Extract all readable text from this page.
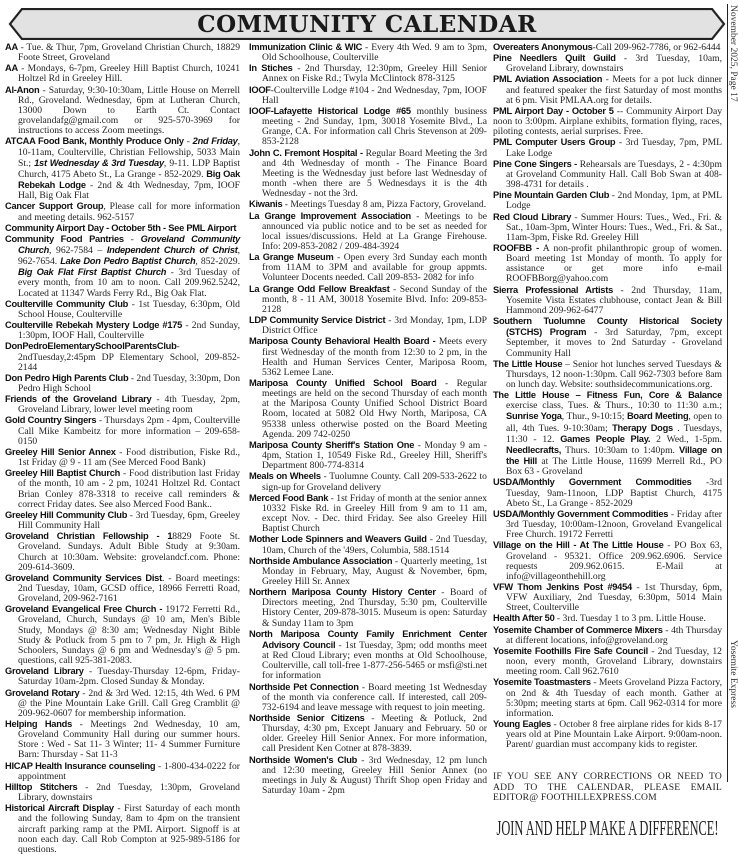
COMMUNITY CALENDAR

AA - Tue. & Thur, 7pm, Groveland Christian Church, 18829 Foote Street, Groveland

AA - Mondays, 6-7pm, Greeley Hill Baptist Church, 10241 Holtzel Rd in Greeley Hill.

Al-Anon - Saturday, 9:30-10:30am, Little House on Merrell Rd., Groveland. Wednesday, 6pm at Lutheran Church, 13000 Down to Earth Ct. Contact grovelandafg@gmail.com or 925-570-3969 for instructions to access Zoom meetings.

ATCAA Food Bank, Monthly Produce Only - 2nd Friday, 10-11am, Coulterville, Christian Fellowship, 5033 Main St.; 1st Wednesday & 3rd Tuesday, 9-11. LDP Baptist Church, 4175 Abeto St., La Grange - 852-2029. Big Oak Rebekah Lodge - 2nd & 4th Wednesday, 7pm, IOOF Hall, Big Oak Flat

Cancer Support Group, Please call for more information and meeting details. 962-5157

Community Airport Day - October 5th - See PML Airport

Community Food Pantries - Groveland Community Church, 962-7584 – Independent Church of Christ, 962-7654. Lake Don Pedro Baptist Church, 852-2029. Big Oak Flat First Baptist Church - 3rd Tuesday of every month, from 10 am to noon. Call 209.962.5242, Located at 11347 Wards Ferry Rd., Big Oak Flat.

Coulterville Community Club - 1st Tuesday, 6:30pm, Old School House, Coulterville

Coulterville Rebekah Mystery Lodge #175 - 2nd Sunday, 1:30pm, IOOF Hall, Coulterville

DonPedroElementarySchoolParentsClub-2ndTuesday,2:45pm DP Elementary School, 209-852-2144

Don Pedro High Parents Club - 2nd Tuesday, 3:30pm, Don Pedro High School

Friends of the Groveland Library - 4th Tuesday, 2pm, Groveland Library, lower level meeting room

Gold Country Singers - Thursdays 2pm - 4pm, Coulterville Call Mike Kambeitz for more information – 209-658-0150

Greeley Hill Senior Annex - Food distribution, Fiske Rd., 1st Friday @ 9 - 11 am (See Merced Food Bank)

Greeley Hill Baptist Church - Food distribution last Friday of the month, 10 am - 2 pm, 10241 Holtzel Rd. Contact Brian Conley 878-3318 to receive call reminders & correct Friday dates. See also Merced Food Bank..

Greeley Hill Community Club - 3rd Tuesday, 6pm, Greeley Hill Community Hall

Groveland Christian Fellowship - 18829 Foote St. Groveland. Sundays. Adult Bible Study at 9:30am. Church at 10:30am. Website: grovelandcf.com. Phone: 209-614-3609.

Groveland Community Services Dist. - Board meetings: 2nd Tuesday, 10am, GCSD office, 18966 Ferretti Road, Groveland, 209-962-7161

Groveland Evangelical Free Church - 19172 Ferretti Rd., Groveland, Church, Sundays @ 10 am, Men's Bible Study, Mondays @ 8:30 am; Wednesday Night Bible Study & Potluck from 5 pm to 7 pm, Jr. High & High Schoolers, Sundays @ 6 pm and Wednesday's @ 5 pm. questions, call 925-381-2083.

Groveland Library - Tuesday-Thursday 12-6pm, Friday-Saturday 10am-2pm. Closed Sunday & Monday.

Groveland Rotary - 2nd & 3rd Wed. 12:15, 4th Wed. 6 PM @ the Pine Mountain Lake Grill. Call Greg Cramblit @ 209-962-0607 for membership information.

Helping Hands - Meetings 2nd Wednesday, 10 am, Groveland Community Hall during our summer hours. Store : Wed - Sat 11- 3 Winter; 11- 4 Summer Furniture Barn: Thursday - Sat 11-3

HICAP Health Insurance counseling - 1-800-434-0222 for appointment

Hilltop Stitchers - 2nd Tuesday, 1:30pm, Groveland Library, downstairs

Historical Aircraft Display - First Saturday of each month and the following Sunday, 8am to 4pm on the transient aircraft parking ramp at the PML Airport. Signoff is at noon each day. Call Rob Compton at 925-989-5186 for questions.

Immunization Clinic & WIC - Every 4th Wed. 9 am to 3pm, Old Schoolhouse, Coulterville

In Stiches - 2nd Thursday, 12:30pm, Greeley Hill Senior Annex on Fiske Rd.; Twyla McClintock 878-3125

IOOF-Coulterville Lodge #104 - 2nd Wednesday, 7pm, IOOF Hall

IOOF-Lafayette Historical Lodge #65 monthly business meeting - 2nd Sunday, 1pm, 30018 Yosemite Blvd., La Grange, CA. For information call Chris Stevenson at 209-853-2128

John C. Fremont Hospital - Regular Board Meeting the 3rd and 4th Wednesday of month - The Finance Board Meeting is the Wednesday just before last Wednesday of month -when there are 5 Wednesdays it is the 4th Wednesday - not the 3rd.

Kiwanis - Meetings Tuesday 8 am, Pizza Factory, Groveland.

La Grange Improvement Association - Meetings to be announced via public notice and to be set as needed for local issues/discussions. Held at La Grange Firehouse. Info: 209-853-2082 / 209-484-3924

La Grange Museum - Open every 3rd Sunday each month from 11AM to 3PM and available for group appmts. Volunteer Docents needed. Call 209-853- 2082 for info

La Grange Odd Fellow Breakfast - Second Sunday of the month, 8 - 11 AM, 30018 Yosemite Blvd. Info: 209-853-2128

LDP Community Service District - 3rd Monday, 1pm, LDP District Office

Mariposa County Behavioral Health Board - Meets every first Wednesday of the month from 12:30 to 2 pm, in the Health and Human Services Center, Mariposa Room, 5362 Lemee Lane.

Mariposa County Unified School Board - Regular meetings are held on the second Thursday of each month at the Mariposa County Unified School District Board Room, located at 5082 Old Hwy North, Mariposa, CA 95338 unless otherwise posted on the Board Meeting Agenda. 209 742-0250

Mariposa County Sheriff's Station One - Monday 9 am - 4pm, Station 1, 10549 Fiske Rd., Greeley Hill, Sheriff's Department 800-774-8314

Meals on Wheels - Tuolumne County. Call 209-533-2622 to sign-up for Groveland delivery

Merced Food Bank - 1st Friday of month at the senior annex 10332 Fiske Rd. in Greeley Hill from 9 am to 11 am, except Nov. - Dec. third Friday. See also Greeley Hill Baptist Church

Mother Lode Spinners and Weavers Guild - 2nd Tuesday, 10am, Church of the '49ers, Columbia, 588.1514

Northside Ambulance Association - Quarterly meeting, 1st Monday in February, May, August & November, 6pm, Greeley Hill Sr. Annex

Northern Mariposa County History Center - Board of Directors meeting, 2nd Thursday, 5:30 pm, Coulterville History Center, 209-878-3015. Museum is open: Saturday & Sunday 11am to 3pm

North Mariposa County Family Enrichment Center Advisory Council - 1st Tuesday, 3pm; odd months meet at Red Cloud Library; even months at Old Schoolhouse, Coulterville, call toll-free 1-877-256-5465 or msfi@sti.net for information

Northside Pet Connection - Board meeting 1st Wednesday of the month via conference call. If interested, call 209-732-6194 and leave message with request to join meeting.

Northside Senior Citizens - Meeting & Potluck, 2nd Thursday, 4:30 pm, Except January and February. 50 or older. Greeley Hill Senior Annex. For more information, call President Ken Cotner at 878-3839.

Northside Women's Club - 3rd Wednesday, 12 pm lunch and 12:30 meeting, Greeley Hill Senior Annex (no meetings in July & August) Thrift Shop open Friday and Saturday 10am - 2pm

Overeaters Anonymous-Call 209-962-7786, or 962-6444

Pine Needlers Quilt Guild - 3rd Tuesday, 10am, Groveland Library, downstairs

PML Aviation Association - Meets for a pot luck dinner and featured speaker the first Saturday of most months at 6 pm. Visit PMLAA.org for details.

PML Airport Day - October 5 -- Community Airport Day noon to 3:00pm. Airplane exhibits, formation flying, races, piloting contests, aerial surprises. Free.

PML Computer Users Group - 3rd Tuesday, 7pm, PML Lake Lodge

Pine Cone Singers - Rehearsals are Tuesdays, 2 - 4:30pm at Groveland Community Hall. Call Bob Swan at 408-398-4731 for details .

Pine Mountain Garden Club - 2nd Monday, 1pm, at PML Lodge

Red Cloud Library - Summer Hours: Tues., Wed., Fri. & Sat., 10am-3pm, Winter Hours: Tues., Wed., Fri. & Sat., 11am-3pm, Fiske Rd. Greeley Hill

ROOFBB - A non-profit philanthropic group of women. Board meeting 1st Monday of month. To apply for assistance or get more info e-mail ROOFBBorg@yahoo.com

Sierra Professional Artists - 2nd Thursday, 11am, Yosemite Vista Estates clubhouse, contact Jean & Bill Hammond 209-962-6477

Southern Tuolumne County Historical Society (STCHS) Program - 3rd Saturday, 7pm, except September, it moves to 2nd Saturday - Groveland Community Hall

The Little House – Senior hot lunches served Tuesdays & Thursdays, 12 noon-1:30pm. Call 962-7303 before 8am on lunch day. Website: southsidecommunications.org.

The Little House – Fitness Fun, Core & Balance exercise class, Tues. & Thurs., 10:30 to 11:30 a.m.; Sunrise Yoga, Thur., 9-10:15; Board Meeting, open to all, 4th Tues. 9-10:30am; Therapy Dogs . Tuesdays, 11:30 - 12. Games People Play. 2 Wed., 1-5pm. Needlecrafts, Thurs. 10:30am to 1:40pm. Village on the Hill at The Little House, 11699 Merrell Rd., PO Box 63 - Groveland

USDA/Monthly Government Commodities -3rd Tuesday, 9am-11noon, LDP Baptist Church, 4175 Abeto St., La Grange - 852-2029

USDA/Monthly Government Commodities - Friday after 3rd Tuesday, 10:00am-12noon, Groveland Evangelical Free Church. 19172 Ferretti

Village on the Hill - At The Little House - PO Box 63, Groveland - 95321. Office 209.962.6906. Service requests 209.962.0615. E-Mail at info@villageonthehill.org

VFW Thom Jenkins Post #9454 - 1st Thursday, 6pm, VFW Auxiliary, 2nd Tuesday, 6:30pm, 5014 Main Street, Coulterville

Health After 50 - 3rd. Tuesday 1 to 3 pm. Little House.

Yosemite Chamber of Commerce Mixers - 4th Thursday at different locations, info@groveland.org

Yosemite Foothills Fire Safe Council - 2nd Tuesday, 12 noon, every month, Groveland Library, downstairs meeting room. Call 962.7610

Yosemite Toastmasters - Meets Groveland Pizza Factory, on 2nd & 4th Tuesday of each month. Gather at 5:30pm; meeting starts at 6pm. Call 962-0314 for more information.

Young Eagles - October 8 free airplane rides for kids 8-17 years old at Pine Mountain Lake Airport. 9:00am-noon. Parent/ guardian must accompany kids to register.

IF YOU SEE ANY CORRECTIONS OR NEED TO ADD TO THE CALENDAR, PLEASE EMAIL EDITOR@ FOOTHILLEXPRESS.COM
JOIN AND HELP MAKE A DIFFERENCE!
November 2025, Page 17
Yosemite Express
